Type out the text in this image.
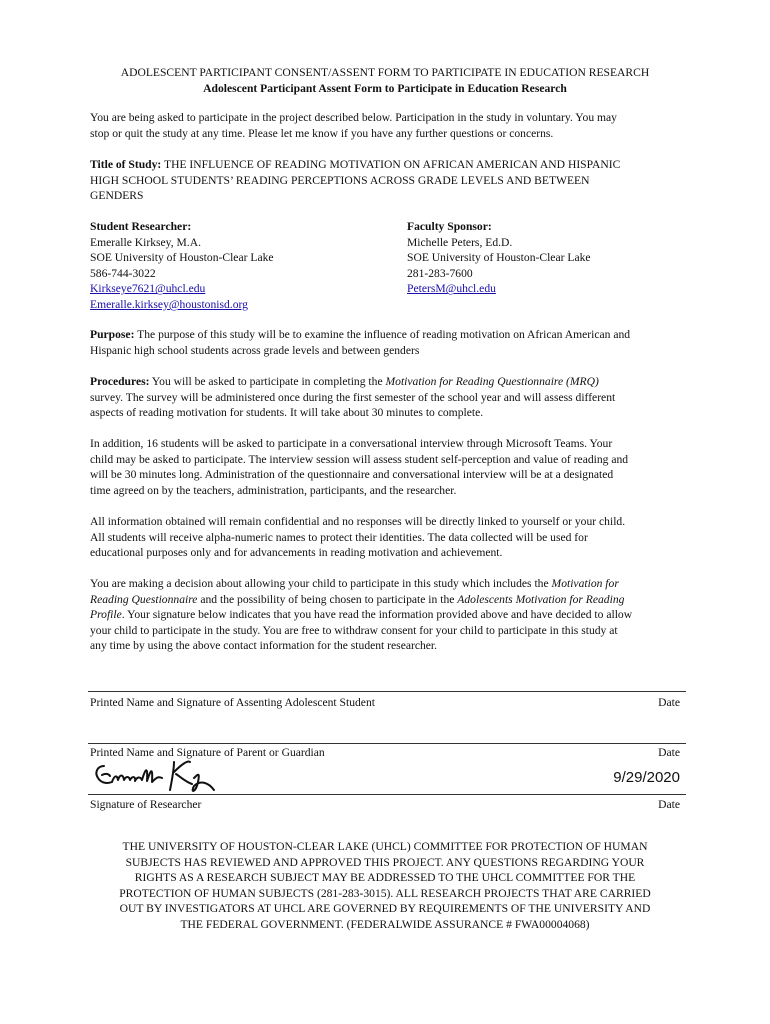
ADOLESCENT PARTICIPANT CONSENT/ASSENT FORM TO PARTICIPATE IN EDUCATION RESEARCH
Adolescent Participant Assent Form to Participate in Education Research
You are being asked to participate in the project described below. Participation in the study in voluntary. You may
stop or quit the study at any time. Please let me know if you have any further questions or concerns.
Title of Study: THE INFLUENCE OF READING MOTIVATION ON AFRICAN AMERICAN AND HISPANIC
HIGH SCHOOL STUDENTS’ READING PERCEPTIONS ACROSS GRADE LEVELS AND BETWEEN
GENDERS
Student Researcher:
Emeralle Kirksey, M.A.
SOE University of Houston-Clear Lake
586-744-3022
Kirkseye7621@uhcl.edu
Emeralle.kirksey@houstonisd.org
Faculty Sponsor:
Michelle Peters, Ed.D.
SOE University of Houston-Clear Lake
281-283-7600
PetersM@uhcl.edu
Purpose: The purpose of this study will be to examine the influence of reading motivation on African American and
Hispanic high school students across grade levels and between genders
Procedures: You will be asked to participate in completing the Motivation for Reading Questionnaire (MRQ)
survey. The survey will be administered once during the first semester of the school year and will assess different
aspects of reading motivation for students. It will take about 30 minutes to complete.
In addition, 16 students will be asked to participate in a conversational interview through Microsoft Teams. Your
child may be asked to participate. The interview session will assess student self-perception and value of reading and
will be 30 minutes long. Administration of the questionnaire and conversational interview will be at a designated
time agreed on by the teachers, administration, participants, and the researcher.
All information obtained will remain confidential and no responses will be directly linked to yourself or your child.
All students will receive alpha-numeric names to protect their identities. The data collected will be used for
educational purposes only and for advancements in reading motivation and achievement.
You are making a decision about allowing your child to participate in this study which includes the Motivation for
Reading Questionnaire and the possibility of being chosen to participate in the Adolescents Motivation for Reading
Profile. Your signature below indicates that you have read the information provided above and have decided to allow
your child to participate in the study. You are free to withdraw consent for your child to participate in this study at
any time by using the above contact information for the student researcher.
Printed Name and Signature of Assenting Adolescent Student	Date
Printed Name and Signature of Parent or Guardian	Date
9/29/2020
Signature of Researcher	Date
THE UNIVERSITY OF HOUSTON-CLEAR LAKE (UHCL) COMMITTEE FOR PROTECTION OF HUMAN
SUBJECTS HAS REVIEWED AND APPROVED THIS PROJECT. ANY QUESTIONS REGARDING YOUR
RIGHTS AS A RESEARCH SUBJECT MAY BE ADDRESSED TO THE UHCL COMMITTEE FOR THE
PROTECTION OF HUMAN SUBJECTS (281-283-3015). ALL RESEARCH PROJECTS THAT ARE CARRIED
OUT BY INVESTIGATORS AT UHCL ARE GOVERNED BY REQUIREMENTS OF THE UNIVERSITY AND
THE FEDERAL GOVERNMENT. (FEDERALWIDE ASSURANCE # FWA00004068)
